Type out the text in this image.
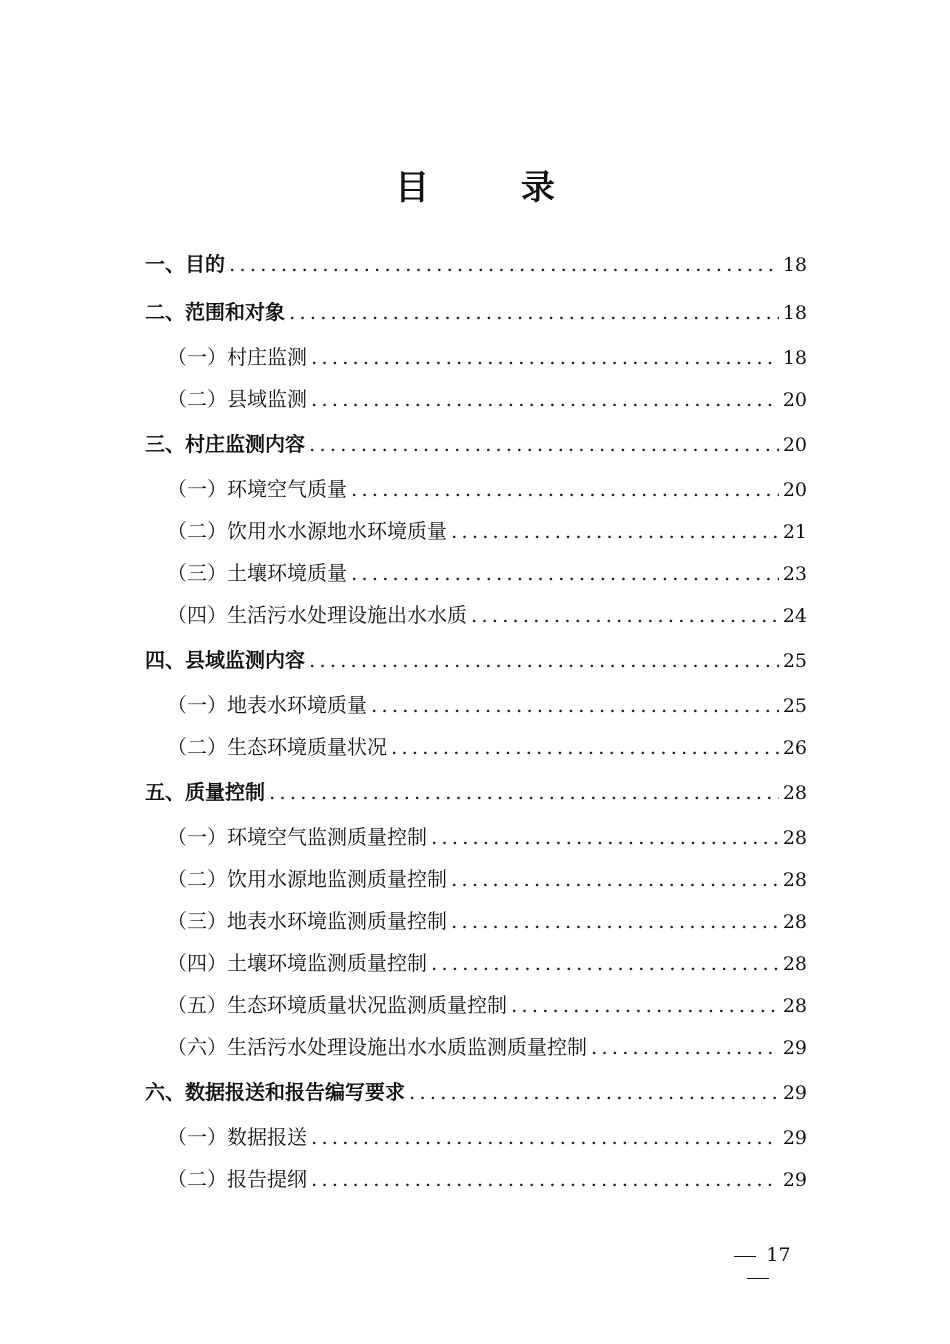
目 录
一、目的 .....	18
二、范围和对象 .....	18
（一）村庄监测 .....	18
（二）县域监测 .....	20
三、村庄监测内容 .....	20
（一）环境空气质量 .....	20
（二）饮用水水源地水环境质量 .....	21
（三）土壤环境质量 .....	23
（四）生活污水处理设施出水水质 .....	24
四、县域监测内容 .....	25
（一）地表水环境质量 .....	25
（二）生态环境质量状况 .....	26
五、质量控制 .....	28
（一）环境空气监测质量控制 .....	28
（二）饮用水源地监测质量控制 .....	28
（三）地表水环境监测质量控制 .....	28
（四）土壤环境监测质量控制 .....	28
（五）生态环境质量状况监测质量控制 .....	28
（六）生活污水处理设施出水水质监测质量控制 .....	29
六、数据报送和报告编写要求 .....	29
（一）数据报送 .....	29
（二）报告提纲 .....	29
17
